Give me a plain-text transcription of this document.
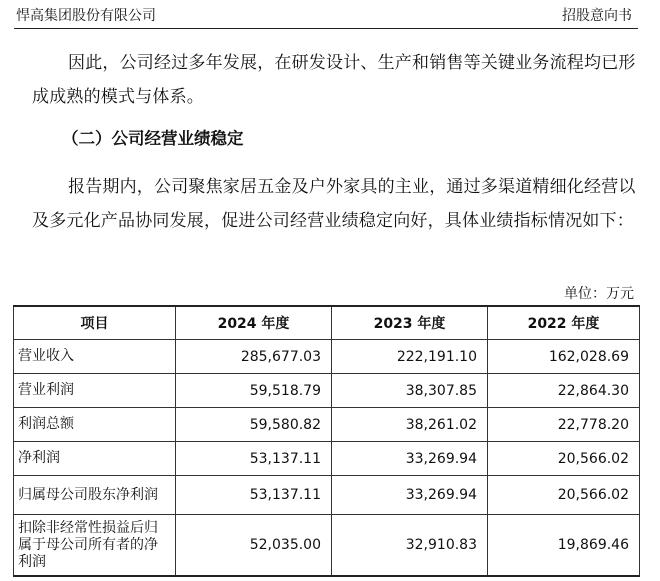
悍高集团股份有限公司	招股意向书
因此，公司经过多年发展，在研发设计、生产和销售等关键业务流程均已形成成熟的模式与体系。
（二）公司经营业绩稳定
报告期内，公司聚焦家居五金及户外家具的主业，通过多渠道精细化经营以及多元化产品协同发展，促进公司经营业绩稳定向好，具体业绩指标情况如下：
单位：万元
项目	2024 年度	2023 年度	2022 年度
营业收入	285,677.03	222,191.10	162,028.69
营业利润	59,518.79	38,307.85	22,864.30
利润总额	59,580.82	38,261.02	22,778.20
净利润	53,137.11	33,269.94	20,566.02
归属母公司股东净利润	53,137.11	33,269.94	20,566.02
扣除非经常性损益后归属于母公司所有者的净利润	52,035.00	32,910.83	19,869.46
